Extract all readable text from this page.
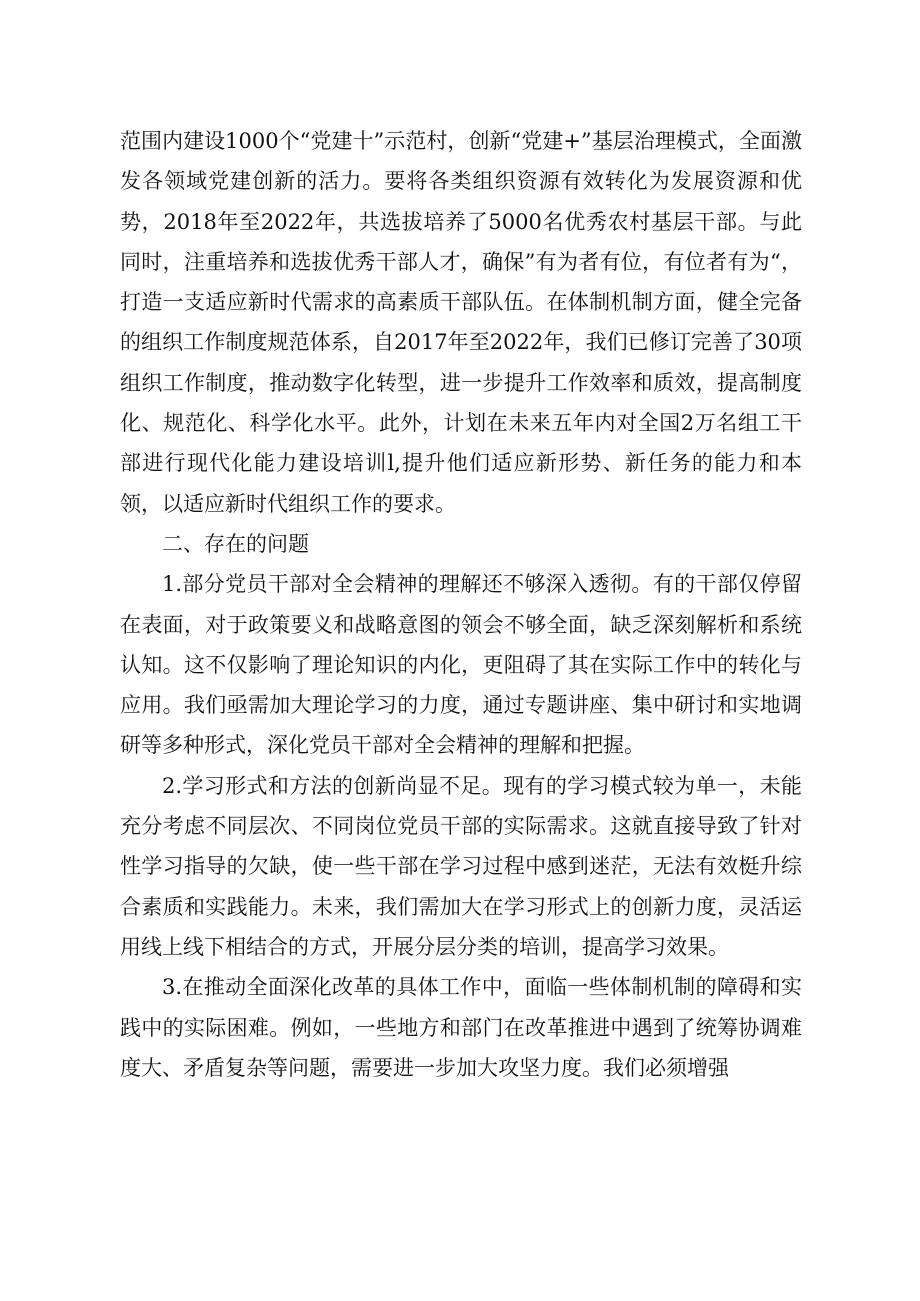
范围内建设1000个“党建十”示范村，创新“党建+”基层治理模式，全面激发各领域党建创新的活力。要将各类组织资源有效转化为发展资源和优势，2018年至2022年，共选拔培养了5000名优秀农村基层干部。与此同时，注重培养和选拔优秀干部人才，确保”有为者有位，有位者有为“，打造一支适应新时代需求的高素质干部队伍。在体制机制方面，健全完备的组织工作制度规范体系，自2017年至2022年，我们已修订完善了30项组织工作制度，推动数字化转型，进一步提升工作效率和质效，提高制度化、规范化、科学化水平。此外，计划在未来五年内对全国2万名组工干部进行现代化能力建设培训l,提升他们适应新形势、新任务的能力和本领，以适应新时代组织工作的要求。

二、存在的问题

1.部分党员干部对全会精神的理解还不够深入透彻。有的干部仅停留在表面，对于政策要义和战略意图的领会不够全面，缺乏深刻解析和系统认知。这不仅影响了理论知识的内化，更阻碍了其在实际工作中的转化与应用。我们亟需加大理论学习的力度，通过专题讲座、集中研讨和实地调研等多种形式，深化党员干部对全会精神的理解和把握。

2.学习形式和方法的创新尚显不足。现有的学习模式较为单一，未能充分考虑不同层次、不同岗位党员干部的实际需求。这就直接导致了针对性学习指导的欠缺，使一些干部在学习过程中感到迷茫，无法有效梃升综合素质和实践能力。未来，我们需加大在学习形式上的创新力度，灵活运用线上线下相结合的方式，开展分层分类的培训，提高学习效果。

3.在推动全面深化改革的具体工作中，面临一些体制机制的障碍和实践中的实际困难。例如，一些地方和部门在改革推进中遇到了统筹协调难度大、矛盾复杂等问题，需要进一步加大攻坚力度。我们必须增强
